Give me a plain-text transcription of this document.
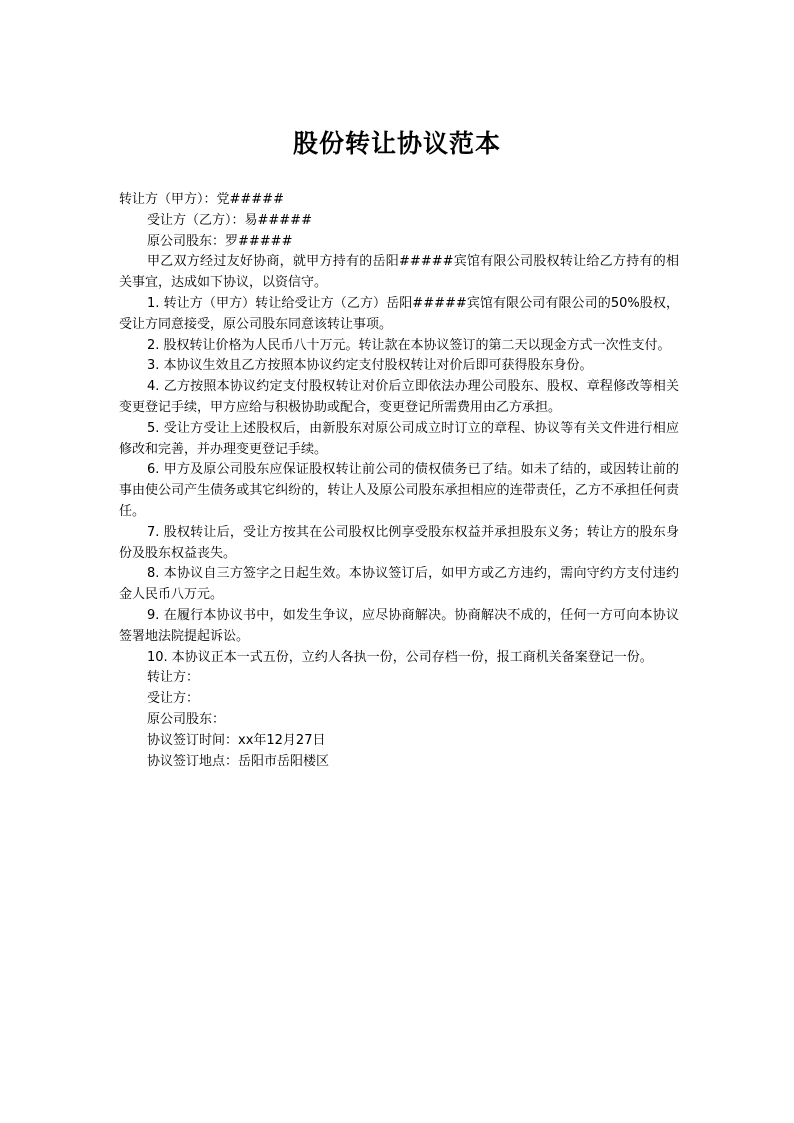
股份转让协议范本

转让方（甲方）：党#####

受让方（乙方）：易#####

原公司股东：罗#####

甲乙双方经过友好协商，就甲方持有的岳阳#####宾馆有限公司股权转让给乙方持有的相关事宜，达成如下协议，以资信守。

1. 转让方（甲方）转让给受让方（乙方）岳阳#####宾馆有限公司有限公司的50%股权，受让方同意接受，原公司股东同意该转让事项。

2. 股权转让价格为人民币八十万元。转让款在本协议签订的第二天以现金方式一次性支付。

3. 本协议生效且乙方按照本协议约定支付股权转让对价后即可获得股东身份。

4. 乙方按照本协议约定支付股权转让对价后立即依法办理公司股东、股权、章程修改等相关变更登记手续，甲方应给与积极协助或配合，变更登记所需费用由乙方承担。

5. 受让方受让上述股权后，由新股东对原公司成立时订立的章程、协议等有关文件进行相应修改和完善，并办理变更登记手续。

6. 甲方及原公司股东应保证股权转让前公司的债权债务已了结。如未了结的，或因转让前的事由使公司产生债务或其它纠纷的，转让人及原公司股东承担相应的连带责任，乙方不承担任何责任。

7. 股权转让后，受让方按其在公司股权比例享受股东权益并承担股东义务；转让方的股东身份及股东权益丧失。

8. 本协议自三方签字之日起生效。本协议签订后，如甲方或乙方违约，需向守约方支付违约金人民币八万元。

9. 在履行本协议书中，如发生争议，应尽协商解决。协商解决不成的，任何一方可向本协议签署地法院提起诉讼。

10. 本协议正本一式五份，立约人各执一份，公司存档一份，报工商机关备案登记一份。

转让方：

受让方：

原公司股东：

协议签订时间：xx年12月27日

协议签订地点：岳阳市岳阳楼区
